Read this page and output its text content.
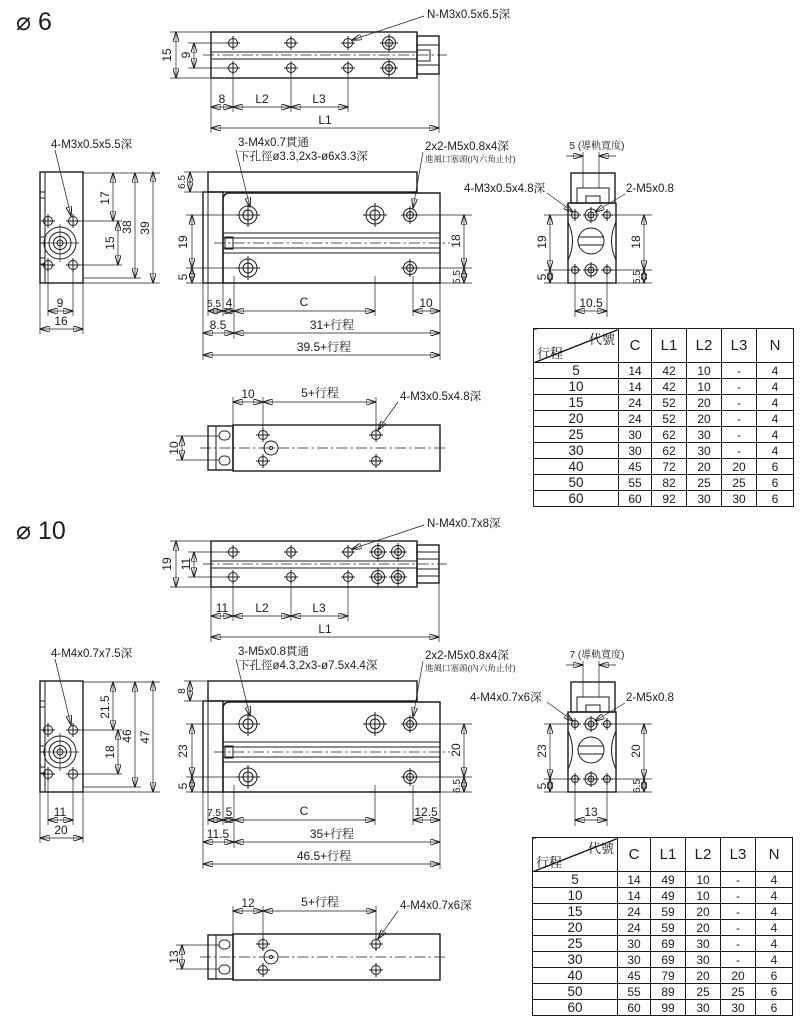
⌀ 6
15 9
8 L2	L3
L1
N-M3x0.5x6.5深
4-M3x0.5x5.5深
17
15
38 39
9
16
3-M4x0.7貫通
下孔徑ø3.3,2x3-ø6x3.3深
2x2-M5x0.8x4深
進風口塞頭(內六角止付)
6.5
19
5
18
5.5
5.5 4	C	10
8.5	31+行程
39.5+行程
5 (導軌寬度)
4-M3x0.5x4.8深	2-M5x0.8
19
5
18
5.5
10.5
10	5+行程	4-M3x0.5x4.8深
10
⌀ 10
19 11
11 L2	L3
L1
N-M4x0.7x8深
4-M4x0.7x7.5深
21.5
18
46 47
11
20
3-M5x0.8貫通
下孔徑ø4.3,2x3-ø7.5x4.4深
2x2-M5x0.8x4深
進風口塞頭(內六角止付)
8
23
5
20
6.5
7.5 5	C	12.5
11.5	35+行程
46.5+行程
7 (導軌寬度)
4-M4x0.7x6深	2-M5x0.8
23
5
20
6.5
13
12	5+行程	4-M4x0.7x6深
13
代號
行程	C	L1	L2	L3	N
5	14	42	10	-	4
10	14	42	10	-	4
15	24	52	20	-	4
20	24	52	20	-	4
25	30	62	30	-	4
30	30	62	30	-	4
40	45	72	20	20	6
50	55	82	25	25	6
60	60	92	30	30	6
代號
行程	C	L1	L2	L3	N
5	14	49	10	-	4
10	14	49	10	-	4
15	24	59	20	-	4
20	24	59	20	-	4
25	30	69	30	-	4
30	30	69	30	-	4
40	45	79	20	20	6
50	55	89	25	25	6
60	60	99	30	30	6
